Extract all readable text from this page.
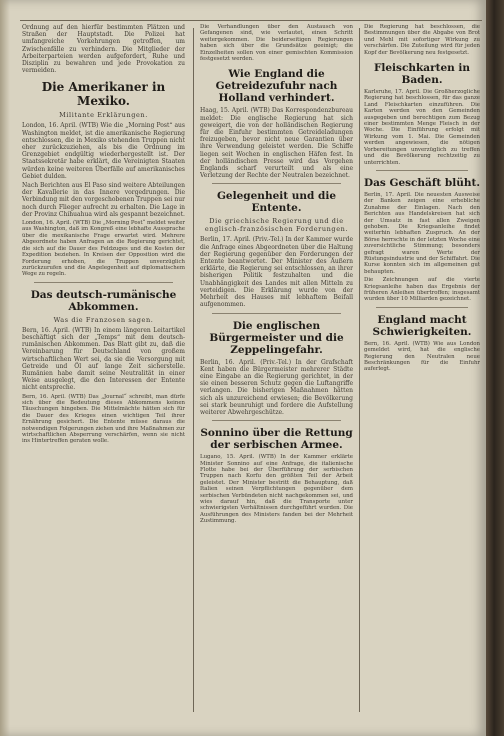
Ordnung auf den hierfür bestimmten Plätzen und Straßen der Hauptstadt. Die Polizei hat umfangreiche Vorkehrungen getroffen, um Zwischenfälle zu verhindern. Die Mitglieder der Arbeiterparteien werden aufgefordert, Ruhe und Disziplin zu bewahren und jede Provokation zu vermeiden.

Die Amerikaner in Mexiko.
Militante Erklärungen.

London, 16. April. (WTB) Wie die „Morning Post“ aus Washington meldet, ist die amerikanische Regierung entschlossen, die in Mexiko stehenden Truppen nicht eher zurückzuziehen, als bis die Ordnung im Grenzgebiet endgültig wiederhergestellt ist. Der Staatssekretär habe erklärt, die Vereinigten Staaten würden keine weiteren Überfälle auf amerikanisches Gebiet dulden.

Nach Berichten aus El Paso sind weitere Abteilungen der Kavallerie in das Innere vorgedrungen. Die Verbindung mit den vorgeschobenen Truppen sei nur noch durch Flieger aufrecht zu erhalten. Die Lage in der Provinz Chihuahua wird als gespannt bezeichnet.

London, 16. April. (WTB) Die „Morning Post“ meldet weiter aus Washington, daß im Kongreß eine lebhafte Aussprache über die mexikanische Frage erwartet wird. Mehrere Abgeordnete haben Anfragen an die Regierung gerichtet, die sich auf die Dauer des Feldzuges und die Kosten der Expedition beziehen. In Kreisen der Opposition wird die Forderung erhoben, die Truppen unverzüglich zurückzurufen und die Angelegenheit auf diplomatischem Wege zu regeln.

Das deutsch-rumänische Abkommen.
Was die Franzosen sagen.

Bern, 16. April. (WTB) In einem längeren Leitartikel beschäftigt sich der „Temps“ mit dem deutsch-rumänischen Abkommen. Das Blatt gibt zu, daß die Vereinbarung für Deutschland von großem wirtschaftlichen Wert sei, da sie die Versorgung mit Getreide und Öl auf lange Zeit sicherstelle. Rumänien habe damit seine Neutralität in einer Weise ausgelegt, die den Interessen der Entente nicht entspreche.

Bern, 16. April. (WTB) Das „Journal“ schreibt, man dürfe sich über die Bedeutung dieses Abkommens keinen Täuschungen hingeben. Die Mittelmächte hätten sich für die Dauer des Krieges einen wichtigen Teil ihrer Ernährung gesichert. Die Entente müsse daraus die notwendigen Folgerungen ziehen und ihre Maßnahmen zur wirtschaftlichen Absperrung verschärfen, wenn sie nicht ins Hintertreffen geraten wolle.

Die Verhandlungen über den Austausch von Gefangenen sind, wie verlautet, einen Schritt weitergekommen. Die beiderseitigen Regierungen haben sich über die Grundsätze geeinigt; die Einzelheiten sollen von einer gemischten Kommission festgesetzt werden.

Wie England die Getreidezufuhr nach Holland verhindert.

Haag, 15. April. (WTB) Das Korrespondenzbureau meldet: Die englische Regierung hat sich geweigert, die von der holländischen Regierung für die Einfuhr bestimmten Getreideladungen freizugeben, bevor nicht neue Garantien über ihre Verwendung geleistet werden. Die Schiffe liegen seit Wochen in englischen Häfen fest. In der holländischen Presse wird das Vorgehen Englands scharf verurteilt und als eine Verletzung der Rechte der Neutralen bezeichnet.

Gelegenheit und die Entente.
Die griechische Regierung und die englisch-französischen Forderungen.

Berlin, 17. April. (Priv.-Tel.) In der Kammer wurde die Anfrage eines Abgeordneten über die Haltung der Regierung gegenüber den Forderungen der Entente beantwortet. Der Minister des Äußern erklärte, die Regierung sei entschlossen, an ihrer bisherigen Politik festzuhalten und die Unabhängigkeit des Landes mit allen Mitteln zu verteidigen. Die Erklärung wurde von der Mehrheit des Hauses mit lebhaftem Beifall aufgenommen.

Die englischen Bürgermeister und die Zeppelingefahr.

Berlin, 16. April. (Priv.-Tel.) In der Grafschaft Kent haben die Bürgermeister mehrerer Städte eine Eingabe an die Regierung gerichtet, in der sie einen besseren Schutz gegen die Luftangriffe verlangen. Die bisherigen Maßnahmen hätten sich als unzureichend erwiesen; die Bevölkerung sei stark beunruhigt und fordere die Aufstellung weiterer Abwehrgeschütze.

Sonnino über die Rettung der serbischen Armee.

Lugano, 15. April. (WTB) In der Kammer erklärte Minister Sonnino auf eine Anfrage, die italienische Flotte habe bei der Überführung der serbischen Truppen nach Korfu den größten Teil der Arbeit geleistet. Der Minister bestritt die Behauptung, daß Italien seinen Verpflichtungen gegenüber dem serbischen Verbündeten nicht nachgekommen sei, und wies darauf hin, daß die Transporte unter schwierigsten Verhältnissen durchgeführt wurden. Die Ausführungen des Ministers fanden bei der Mehrheit Zustimmung.

Die Regierung hat beschlossen, die Bestimmungen über die Abgabe von Brot und Mehl mit sofortiger Wirkung zu verschärfen. Die Zuteilung wird für jeden Kopf der Bevölkerung neu festgesetzt.

Fleischkarten in Baden.

Karlsruhe, 17. April. Die Großherzogliche Regierung hat beschlossen, für das ganze Land Fleischkarten einzuführen. Die Karten werden von den Gemeinden ausgegeben und berechtigen zum Bezug einer bestimmten Menge Fleisch in der Woche. Die Einführung erfolgt mit Wirkung vom 1. Mai. Die Gemeinden werden angewiesen, die nötigen Vorbereitungen unverzüglich zu treffen und die Bevölkerung rechtzeitig zu unterrichten.

Das Geschäft blüht.

Berlin, 17. April. Die neuesten Ausweise der Banken zeigen eine erhebliche Zunahme der Einlagen. Nach den Berichten aus Handelskreisen hat sich der Umsatz in fast allen Zweigen gehoben. Die Kriegsanleihe findet weiterhin lebhaften Zuspruch. An der Börse herrschte in der letzten Woche eine zuversichtliche Stimmung; besonders gefragt waren Werte der Rüstungsindustrie und der Schiffahrt. Die Kurse konnten sich im allgemeinen gut behaupten.

Die Zeichnungen auf die vierte Kriegsanleihe haben das Ergebnis der früheren Anleihen übertroffen; insgesamt wurden über 10 Milliarden gezeichnet.

England macht Schwierigkeiten.

Bern, 16. April. (WTB) Wie aus London gemeldet wird, hat die englische Regierung den Neutralen neue Beschränkungen für die Einfuhr auferlegt.
